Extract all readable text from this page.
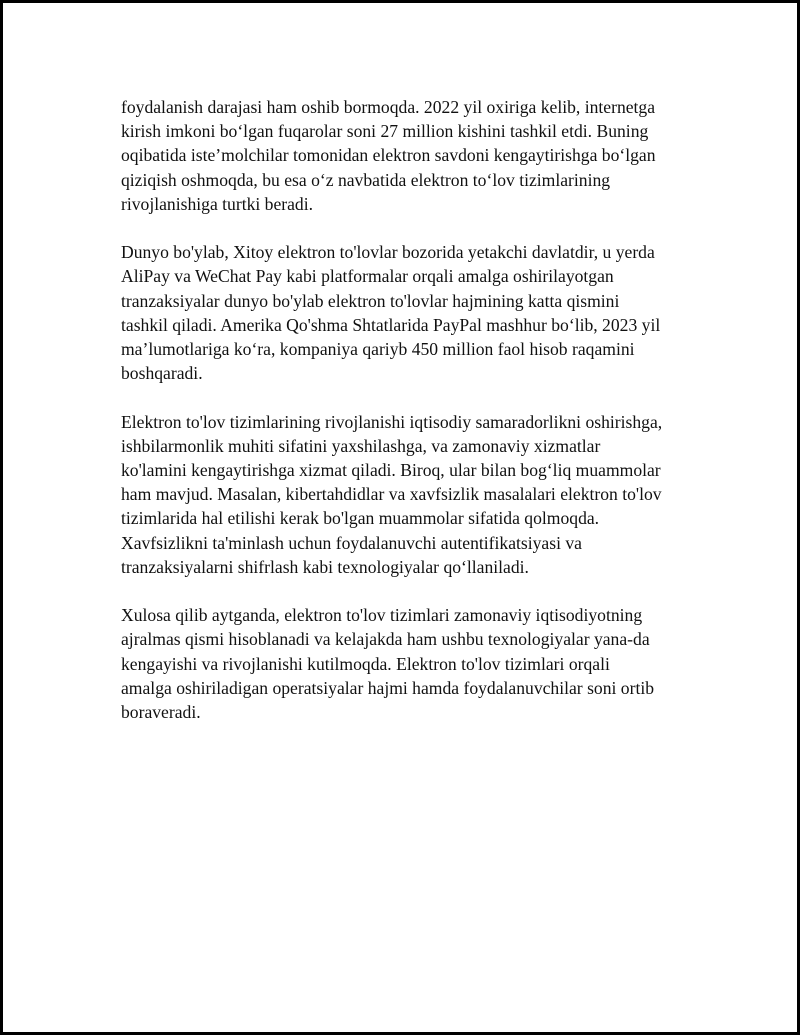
foydalanish darajasi ham oshib bormoqda. 2022 yil oxiriga kelib, internetga
kirish imkoni bo‘lgan fuqarolar soni 27 million kishini tashkil etdi. Buning
oqibatida iste’molchilar tomonidan elektron savdoni kengaytirishga bo‘lgan
qiziqish oshmoqda, bu esa o‘z navbatida elektron to‘lov tizimlarining
rivojlanishiga turtki beradi.

Dunyo bo'ylab, Xitoy elektron to'lovlar bozorida yetakchi davlatdir, u yerda
AliPay va WeChat Pay kabi platformalar orqali amalga oshirilayotgan
tranzaksiyalar dunyo bo'ylab elektron to'lovlar hajmining katta qismini
tashkil qiladi. Amerika Qo'shma Shtatlarida PayPal mashhur bo‘lib, 2023 yil
ma’lumotlariga ko‘ra, kompaniya qariyb 450 million faol hisob raqamini
boshqaradi.

Elektron to'lov tizimlarining rivojlanishi iqtisodiy samaradorlikni oshirishga,
ishbilarmonlik muhiti sifatini yaxshilashga, va zamonaviy xizmatlar
ko'lamini kengaytirishga xizmat qiladi. Biroq, ular bilan bog‘liq muammolar
ham mavjud. Masalan, kibertahdidlar va xavfsizlik masalalari elektron to'lov
tizimlarida hal etilishi kerak bo'lgan muammolar sifatida qolmoqda.
Xavfsizlikni ta'minlash uchun foydalanuvchi autentifikatsiyasi va
tranzaksiyalarni shifrlash kabi texnologiyalar qo‘llaniladi.

Xulosa qilib aytganda, elektron to'lov tizimlari zamonaviy iqtisodiyotning
ajralmas qismi hisoblanadi va kelajakda ham ushbu texnologiyalar yana-da
kengayishi va rivojlanishi kutilmoqda. Elektron to'lov tizimlari orqali
amalga oshiriladigan operatsiyalar hajmi hamda foydalanuvchilar soni ortib
boraveradi.
